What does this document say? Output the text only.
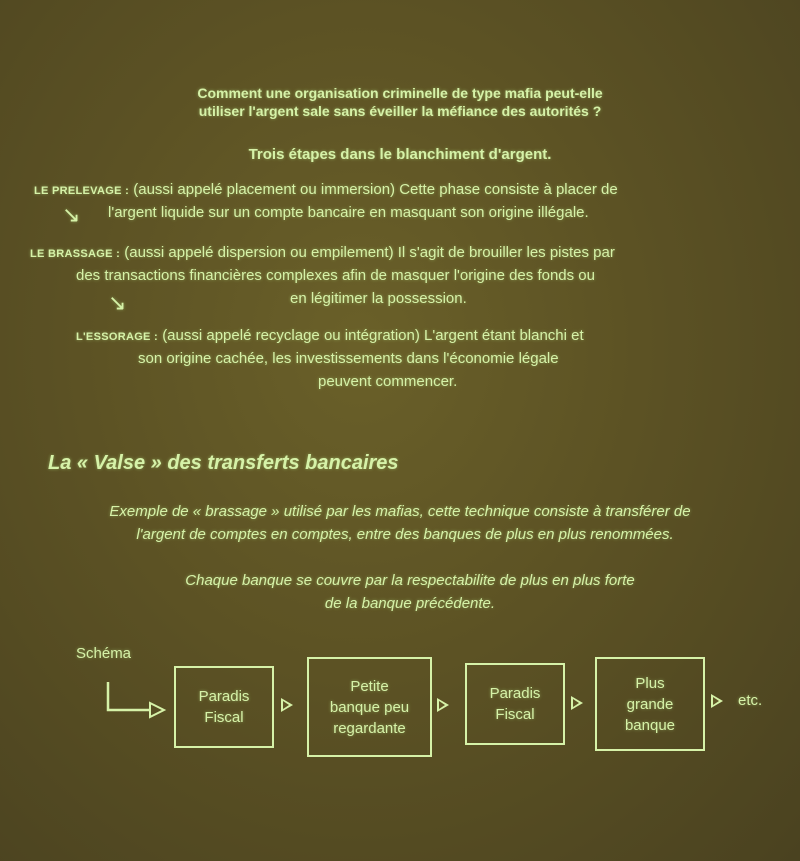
Comment une organisation criminelle de type mafia peut-elle
utiliser l'argent sale sans éveiller la méfiance des autorités ?
Trois étapes dans le blanchiment d'argent.
LE PRELEVAGE : (aussi appelé placement ou immersion) Cette phase consiste à placer de
↘ l'argent liquide sur un compte bancaire en masquant son origine illégale.
LE BRASSAGE : (aussi appelé dispersion ou empilement) Il s'agit de brouiller les pistes par
des transactions financières complexes afin de masquer l'origine des fonds ou
en légitimer la possession.
↘
L'ESSORAGE : (aussi appelé recyclage ou intégration) L'argent étant blanchi et
son origine cachée, les investissements dans l'économie légale
peuvent commencer.
La « Valse » des transferts bancaires
Exemple de « brassage » utilisé par les mafias, cette technique consiste à transférer de
l'argent de comptes en comptes, entre des banques de plus en plus renommées.
Chaque banque se couvre par la respectabilite de plus en plus forte
de la banque précédente.
Schéma
Paradis
Fiscal
Petite
banque peu
regardante
Paradis
Fiscal
Plus
grande
banque
etc.
